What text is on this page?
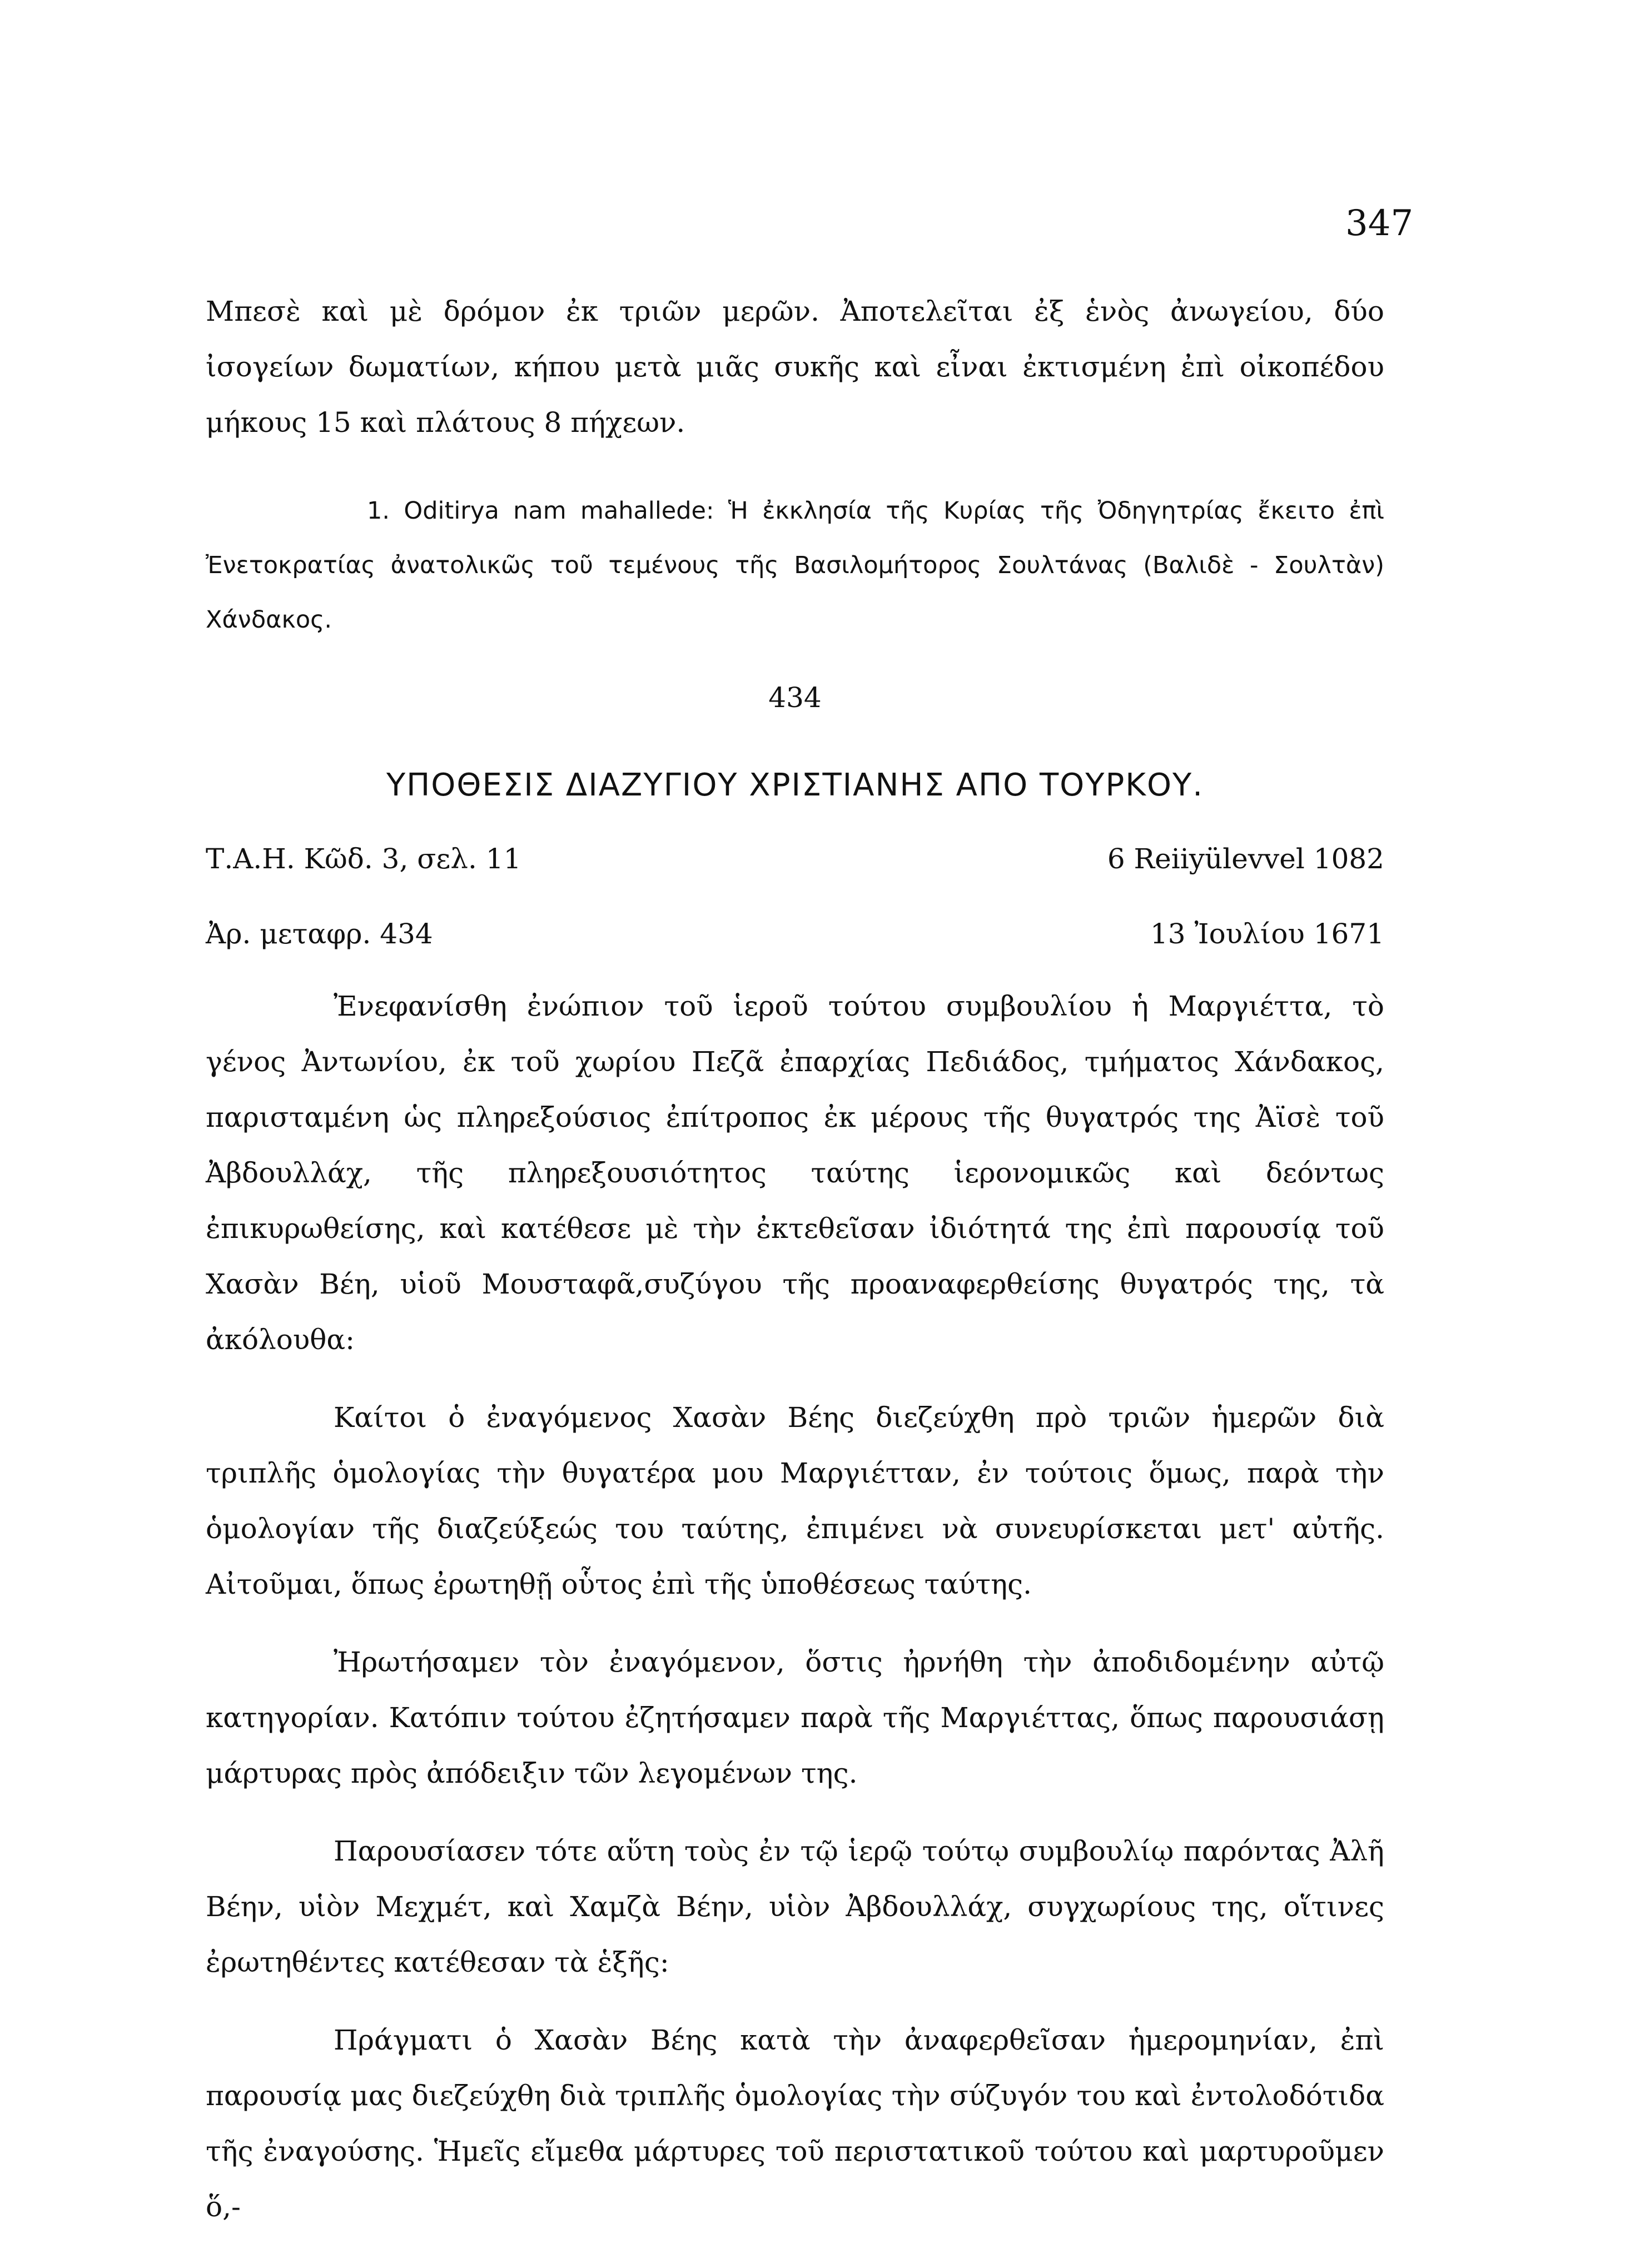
347

Μπεσὲ καὶ μὲ δρόμον ἐκ τριῶν μερῶν. Ἀποτελεῖται ἐξ ἑνὸς ἀνωγείου, δύο ἰσογείων δωματίων, κήπου μετὰ μιᾶς συκῆς καὶ εἶναι ἐκτισμένη ἐπὶ οἰκοπέδου μήκους 15 καὶ πλάτους 8 πήχεων.

1. Oditirya nam mahallede: Ἡ ἐκκλησία τῆς Κυρίας τῆς Ὀδηγητρίας ἔκειτο ἐπὶ Ἐνετοκρατίας ἀνατολικῶς τοῦ τεμένους τῆς Βασιλομήτορος Σουλτάνας (Βαλιδὲ - Σουλτὰν) Χάνδακος.

434
ΥΠΟΘΕΣΙΣ ΔΙΑΖΥΓΙΟΥ ΧΡΙΣΤΙΑΝΗΣ ΑΠΟ ΤΟΥΡΚΟΥ.
Τ.Α.Η. Κῶδ. 3, σελ. 11	6 Reiiyülevvel 1082
Ἀρ. μεταφρ. 434	13 Ἰουλίου 1671

Ἐνεφανίσθη ἐνώπιον τοῦ ἱεροῦ τούτου συμβουλίου ἡ Μαργιέττα, τὸ γένος Ἀντωνίου, ἐκ τοῦ χωρίου Πεζᾶ ἐπαρχίας Πεδιάδος, τμήματος Χάνδακος, παρισταμένη ὡς πληρεξούσιος ἐπίτροπος ἐκ μέρους τῆς θυγατρός της Ἀϊσὲ τοῦ Ἀβδουλλάχ, τῆς πληρεξουσιότητος ταύτης ἱερονομικῶς καὶ δεόντως ἐπικυρωθείσης, καὶ κατέθεσε μὲ τὴν ἐκτεθεῖσαν ἰδιότητά της ἐπὶ παρουσίᾳ τοῦ Χασὰν Βέη, υἱοῦ Μουσταφᾶ,συζύγου τῆς προαναφερθείσης θυγατρός της, τὰ ἀκόλουθα:

Καίτοι ὁ ἐναγόμενος Χασὰν Βέης διεζεύχθη πρὸ τριῶν ἡμερῶν διὰ τριπλῆς ὁμολογίας τὴν θυγατέρα μου Μαργιέτταν, ἐν τούτοις ὅμως, παρὰ τὴν ὁμολογίαν τῆς διαζεύξεώς του ταύτης, ἐπιμένει νὰ συνευρίσκεται μετ' αὐτῆς. Αἰτοῦμαι, ὅπως ἐρωτηθῇ οὗτος ἐπὶ τῆς ὑποθέσεως ταύτης.

Ἠρωτήσαμεν τὸν ἐναγόμενον, ὅστις ἠρνήθη τὴν ἀποδιδομένην αὐτῷ κατηγορίαν. Κατόπιν τούτου ἐζητήσαμεν παρὰ τῆς Μαργιέττας, ὅπως παρουσιάσῃ μάρτυρας πρὸς ἀπόδειξιν τῶν λεγομένων της.

Παρουσίασεν τότε αὕτη τοὺς ἐν τῷ ἱερῷ τούτῳ συμβουλίῳ παρόντας Ἀλῆ Βέην, υἱὸν Μεχμέτ, καὶ Χαμζὰ Βέην, υἱὸν Ἀβδουλλάχ, συγχωρίους της, οἵτινες ἐρωτηθέντες κατέθεσαν τὰ ἑξῆς:

Πράγματι ὁ Χασὰν Βέης κατὰ τὴν ἀναφερθεῖσαν ἡμερομηνίαν, ἐπὶ παρουσίᾳ μας διεζεύχθη διὰ τριπλῆς ὁμολογίας τὴν σύζυγόν του καὶ ἐντολοδότιδα τῆς ἐναγούσης. Ἡμεῖς εἴμεθα μάρτυρες τοῦ περιστατικοῦ τούτου καὶ μαρτυροῦμεν ὅ,-
